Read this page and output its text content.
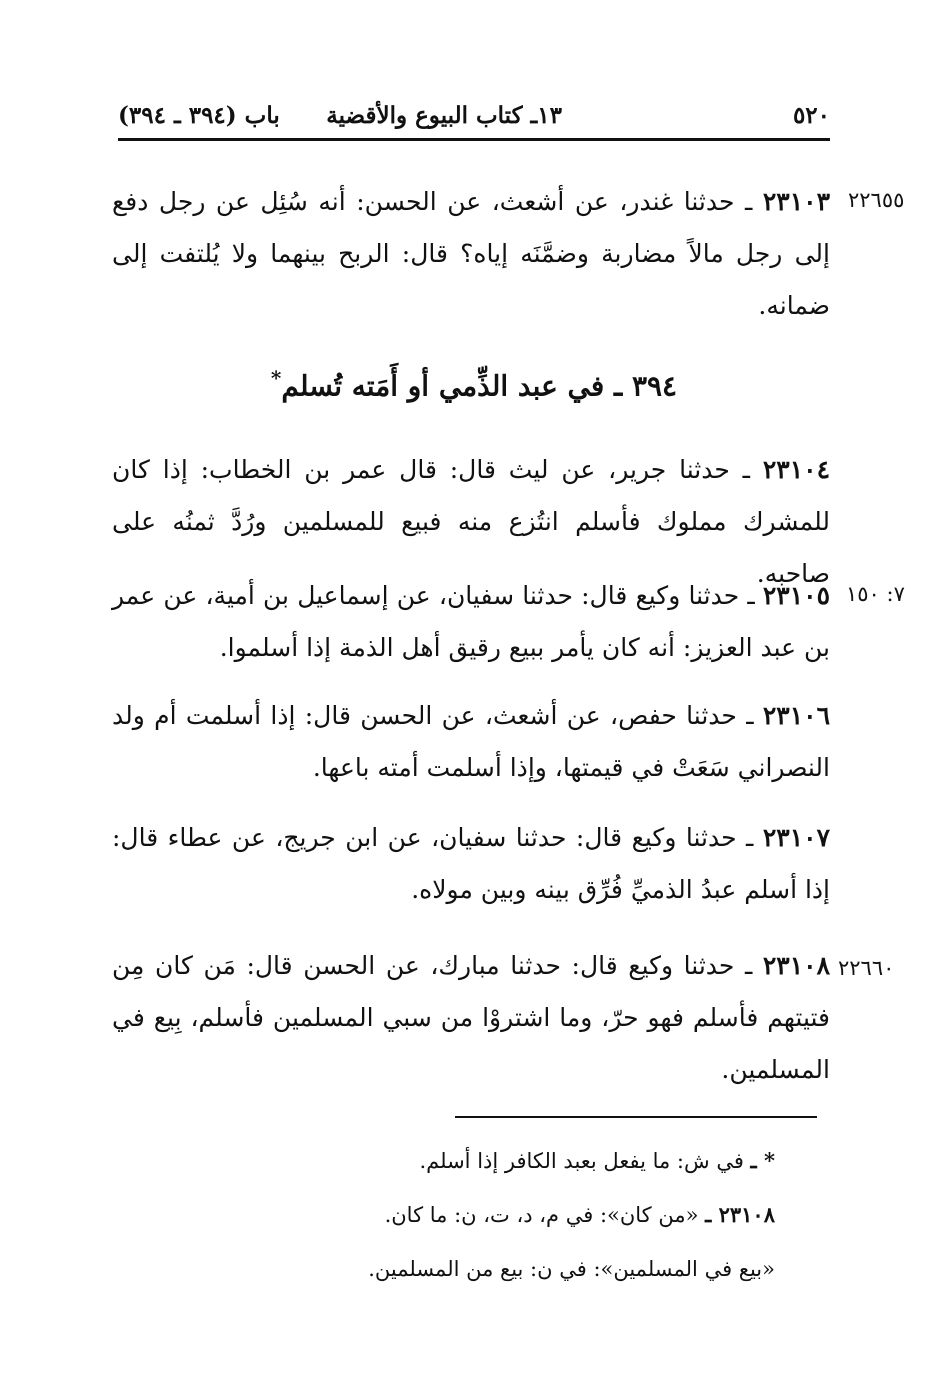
٥٢٠
١٣ـ كتاب البيوع والأقضية
باب (٣٩٤ ـ ٣٩٤)
٢٢٦٥٥
٢٣١٠٣ ـ حدثنا غندر، عن أشعث، عن الحسن: أنه سُئِل عن رجل دفع إلى رجل مالاً مضاربة وضمَّنَه إياه؟ قال: الربح بينهما ولا يُلتفت إلى ضمانه.
٣٩٤ ـ في عبد الذِّمي أو أَمَته تُسلم*
٢٣١٠٤ ـ حدثنا جرير، عن ليث قال: قال عمر بن الخطاب: إذا كان للمشرك مملوك فأسلم انتُزع منه فبيع للمسلمين ورُدَّ ثمنُه على صاحبه.
٧: ١٥٠
٢٣١٠٥ ـ حدثنا وكيع قال: حدثنا سفيان، عن إسماعيل بن أمية، عن عمر بن عبد العزيز: أنه كان يأمر ببيع رقيق أهل الذمة إذا أسلموا.
٢٣١٠٦ ـ حدثنا حفص، عن أشعث، عن الحسن قال: إذا أسلمت أم ولد النصراني سَعَتْ في قيمتها، وإذا أسلمت أمته باعها.
٢٣١٠٧ ـ حدثنا وكيع قال: حدثنا سفيان، عن ابن جريج، عن عطاء قال: إذا أسلم عبدُ الذميِّ فُرِّق بينه وبين مولاه.
٢٢٦٦٠
٢٣١٠٨ ـ حدثنا وكيع قال: حدثنا مبارك، عن الحسن قال: مَن كان مِن فتيتهم فأسلم فهو حرّ، وما اشتروْا من سبي المسلمين فأسلم، بِيع في المسلمين.
* ـ في ش: ما يفعل بعبد الكافر إذا أسلم.
٢٣١٠٨ ـ «من كان»: في م، د، ت، ن: ما كان.
«بيع في المسلمين»: في ن: بيع من المسلمين.
